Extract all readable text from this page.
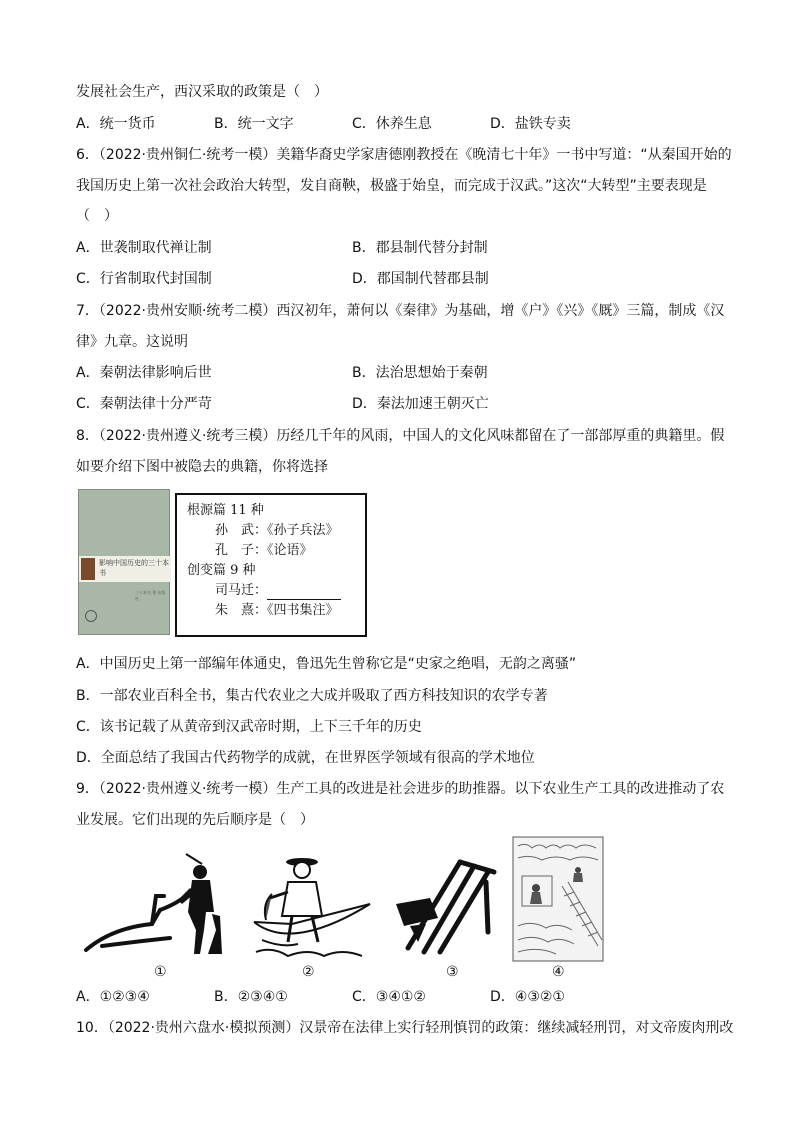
发展社会生产，西汉采取的政策是（　）
A．统一货币	B．统一文字	C．休养生息	D．盐铁专卖
6．（2022·贵州铜仁·统考一模）美籍华裔史学家唐德刚教授在《晚清七十年》一书中写道：“从秦国开始的
我国历史上第一次社会政治大转型，发自商鞅，极盛于始皇，而完成于汉武。”这次“大转型”主要表现是
（　）
A．世袭制取代禅让制	B．郡县制代替分封制
C．行省制取代封国制	D．郡国制代替郡县制
7．（2022·贵州安顺·统考二模）西汉初年，萧何以《秦律》为基础，增《户》《兴》《厩》三篇，制成《汉
律》九章。这说明
A．秦朝法律影响后世	B．法治思想始于秦朝
C．秦朝法律十分严苛	D．秦法加速王朝灭亡
8．（2022·贵州遵义·统考三模）历经几千年的风雨，中国人的文化风味都留在了一部部厚重的典籍里。假
如要介绍下图中被隐去的典籍，你将选择
影响中国历史的三十本书
三十本书 著 出版社
根源篇 11 种
孙　武：《孙子兵法》
孔　子：《论语》
创变篇 9 种
司马迁：
朱　熹：《四书集注》
A．中国历史上第一部编年体通史，鲁迅先生曾称它是“史家之绝唱，无韵之离骚”
B．一部农业百科全书，集古代农业之大成并吸取了西方科技知识的农学专著
C．该书记载了从黄帝到汉武帝时期，上下三千年的历史
D．全面总结了我国古代药物学的成就，在世界医学领域有很高的学术地位
9．（2022·贵州遵义·统考一模）生产工具的改进是社会进步的助推器。以下农业生产工具的改进推动了农
业发展。它们出现的先后顺序是（　）
①	②	③	④
A．①②③④	B．②③④①	C．③④①②	D．④③②①
10．（2022·贵州六盘水·模拟预测）汉景帝在法律上实行轻刑慎罚的政策：继续减轻刑罚，对文帝废肉刑改
